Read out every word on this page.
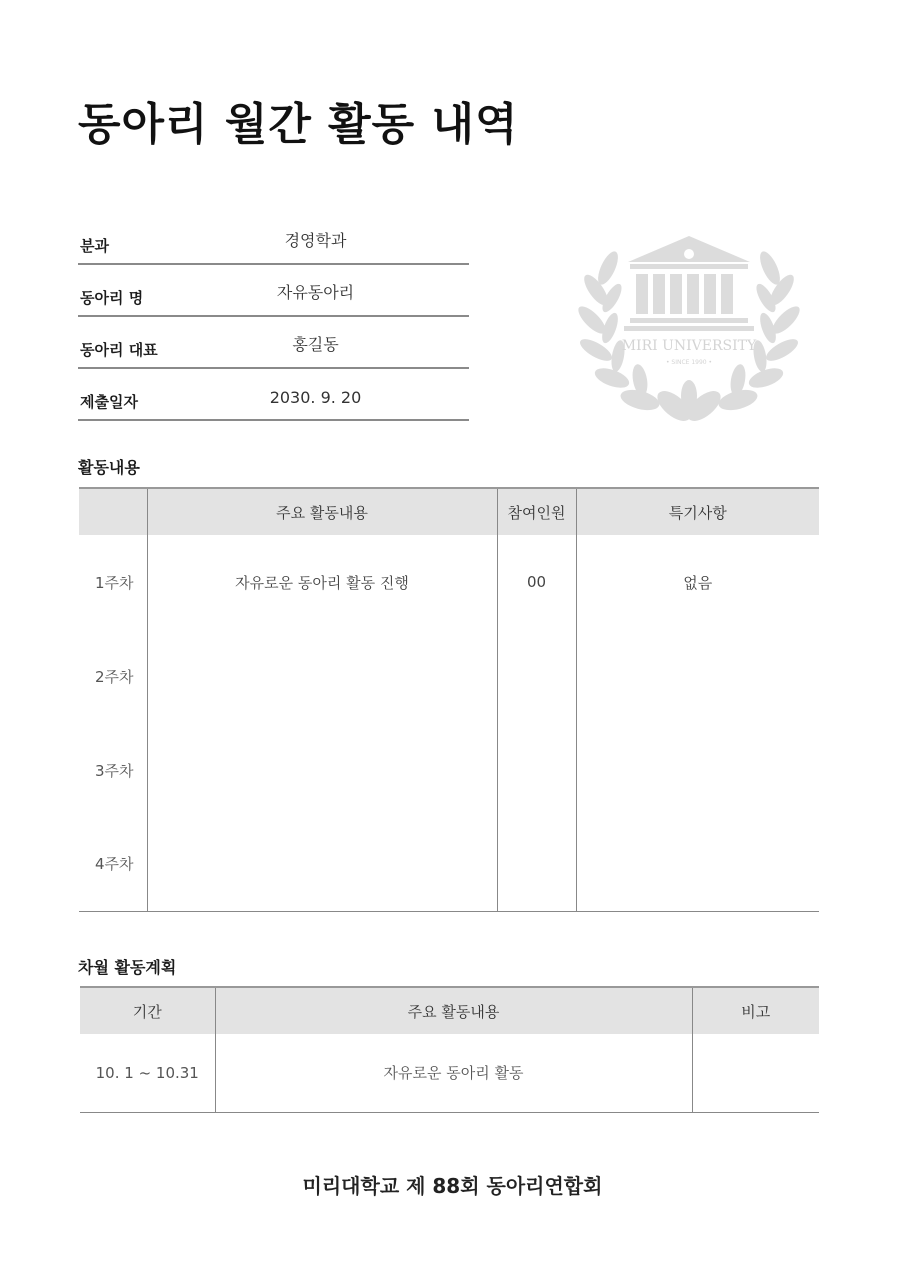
동아리 월간 활동 내역
분과	경영학과
동아리 명	자유동아리
동아리 대표	홍길동
제출일자	2030. 9. 20
MIRI UNIVERSITY
• SINCE 1990 •
활동내용
	주요 활동내용	참여인원	특기사항
1주차	자유로운 동아리 활동 진행	00	없음
2주차			
3주차			
4주차			
차월 활동계획
기간	주요 활동내용	비고
10. 1 ~ 10.31	자유로운 동아리 활동	
미리대학교 제 88회 동아리연합회
